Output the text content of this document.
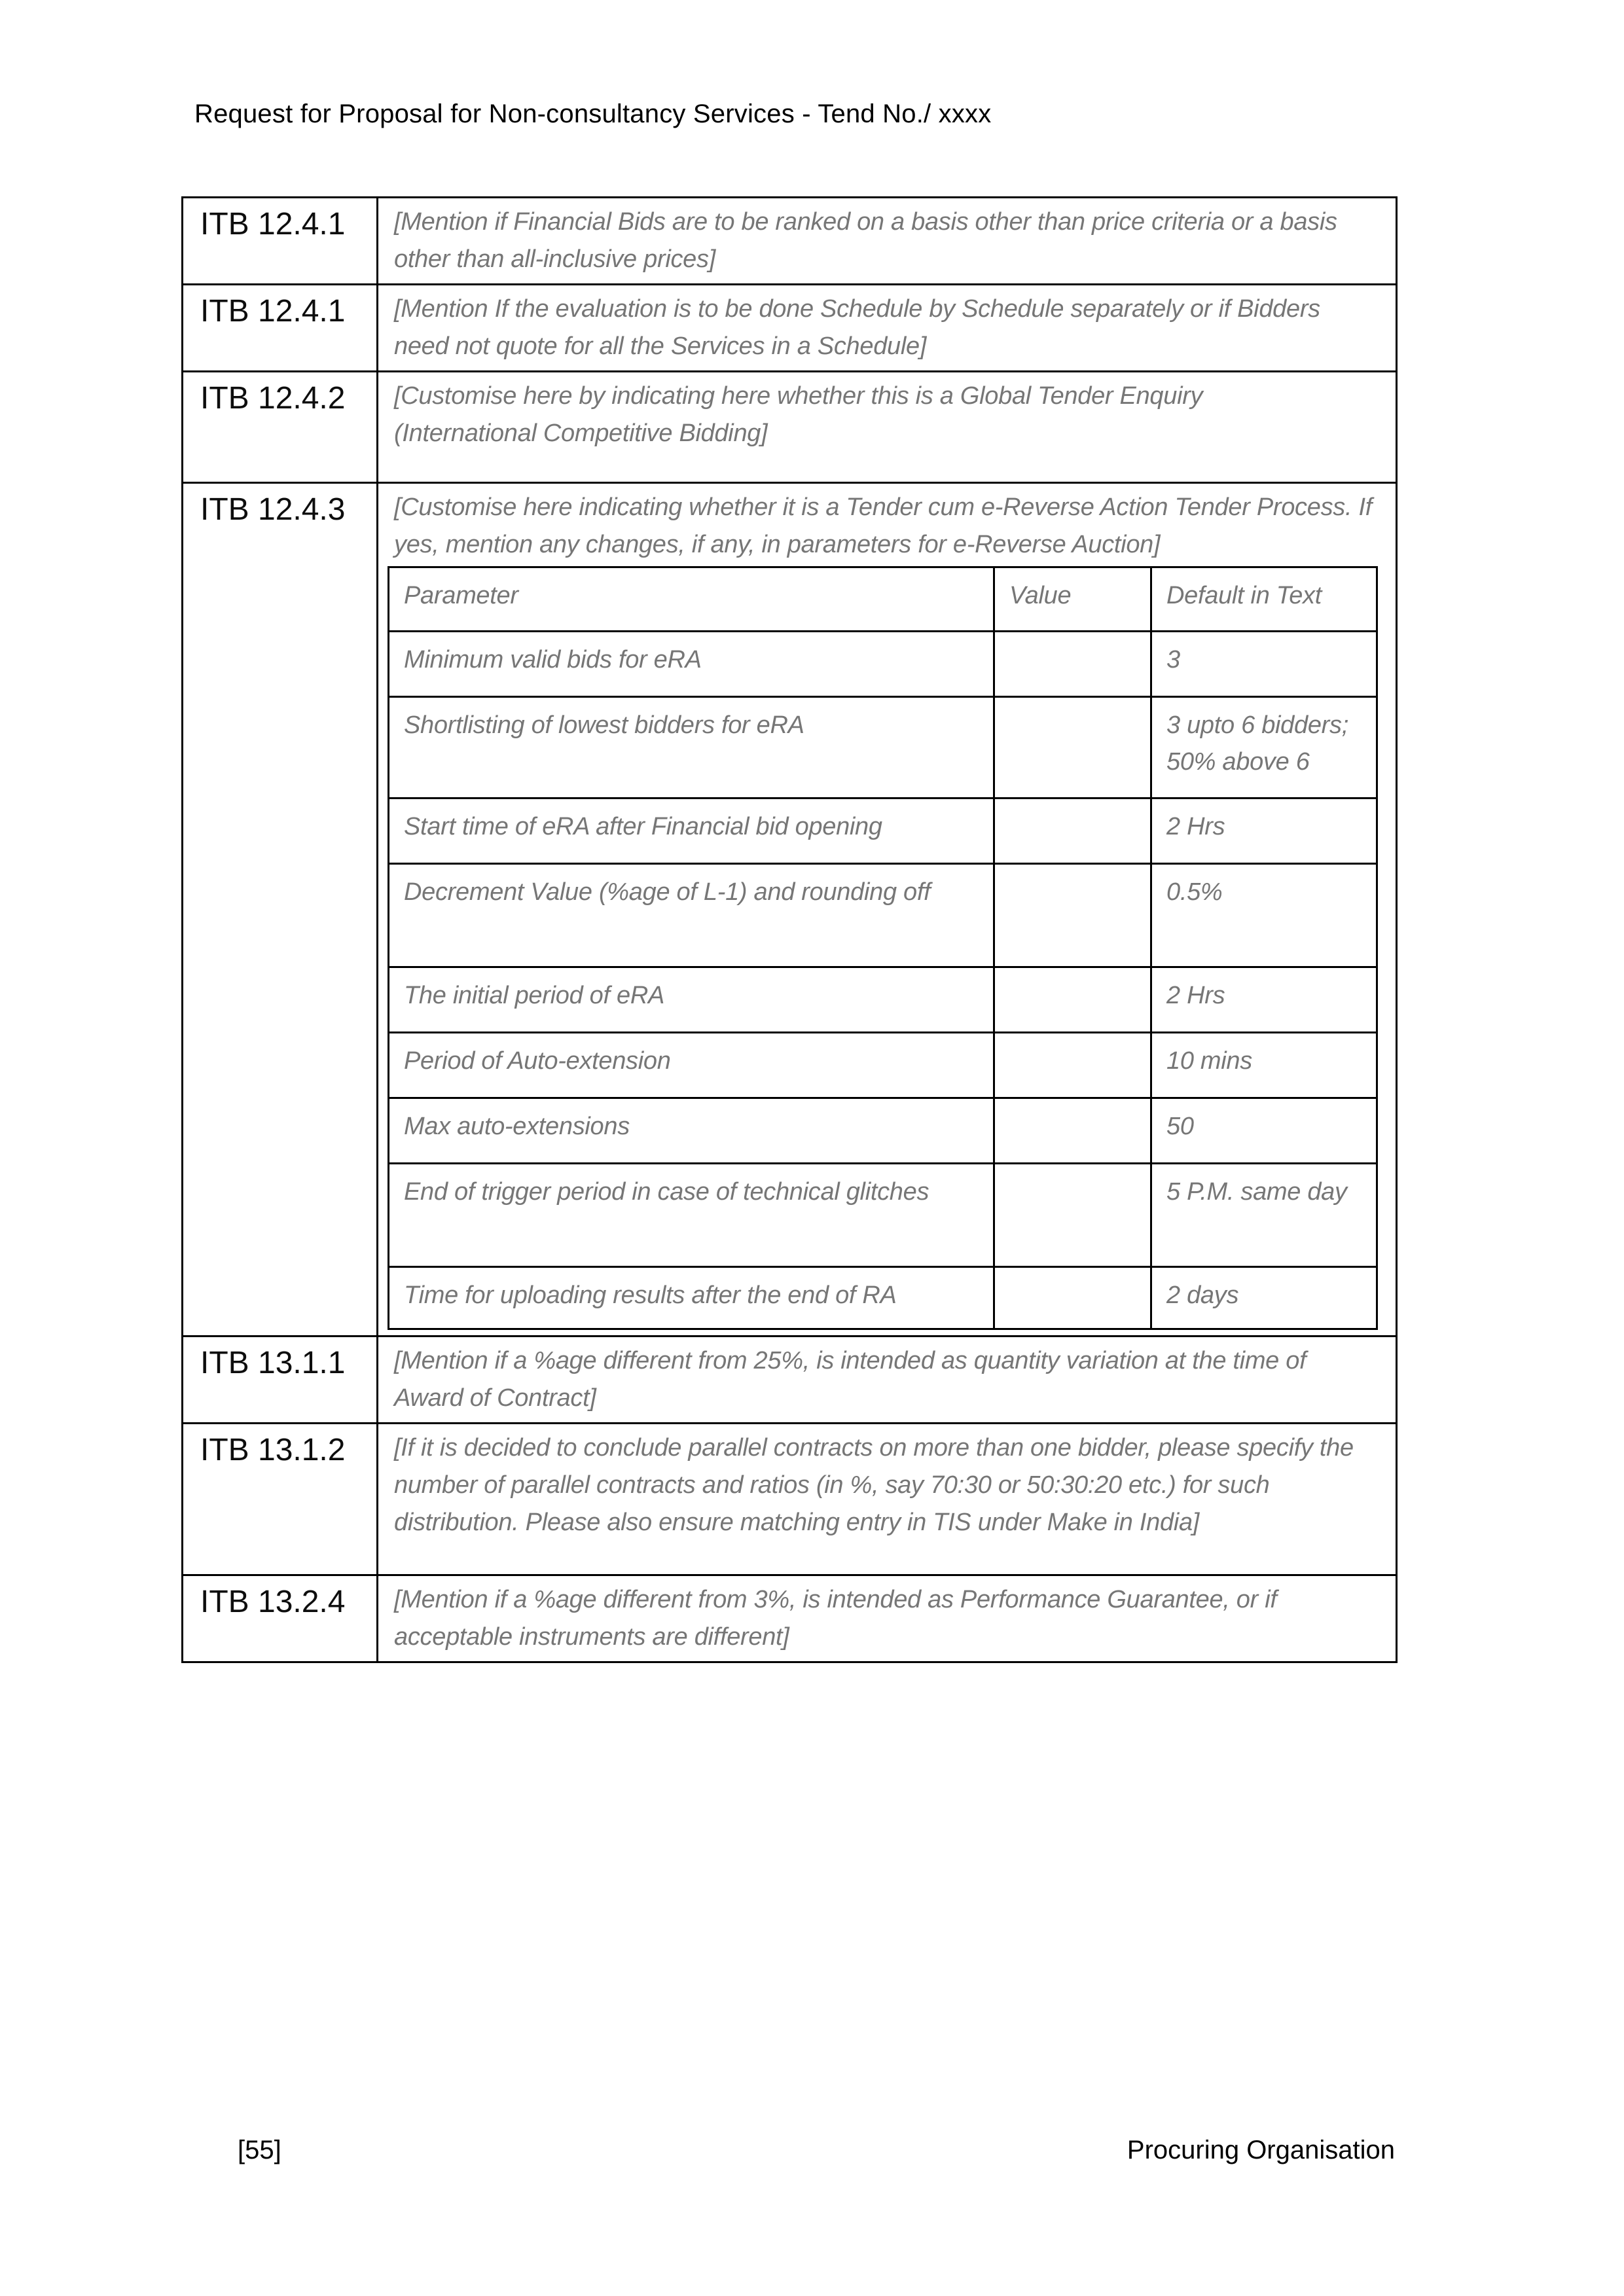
Request for Proposal for Non-consultancy Services - Tend No./ xxxx
ITB 12.4.1	[Mention if Financial Bids are to be ranked on a basis other than price criteria or a basis other than all-inclusive prices]

ITB 12.4.1	[Mention If the evaluation is to be done Schedule by Schedule separately or if Bidders need not quote for all the Services in a Schedule]

ITB 12.4.2	[Customise here by indicating here whether this is a Global Tender Enquiry

(International Competitive Bidding]

ITB 12.4.3	[Customise here indicating whether it is a Tender cum e-Reverse Action Tender Process. If yes, mention any changes, if any, in parameters for e-Reverse Auction]

Parameter	Value	Default in Text
Minimum valid bids for eRA		3
Shortlisting of lowest bidders for eRA		3 upto 6 bidders; 50% above 6
Start time of eRA after Financial bid opening		2 Hrs
Decrement Value (%age of L-1) and rounding off		0.5%
The initial period of eRA		2 Hrs
Period of Auto-extension		10 mins
Max auto-extensions		50
End of trigger period in case of technical glitches		5 P.M. same day
Time for uploading results after the end of RA		2 days

ITB 13.1.1	[Mention if a %age different from 25%, is intended as quantity variation at the time of Award of Contract]

ITB 13.1.2	[If it is decided to conclude parallel contracts on more than one bidder, please specify the number of parallel contracts and ratios (in %, say 70:30 or 50:30:20 etc.) for such distribution. Please also ensure matching entry in TIS under Make in India]

ITB 13.2.4	[Mention if a %age different from 3%, is intended as Performance Guarantee, or if acceptable instruments are different]

[55]	Procuring Organisation
